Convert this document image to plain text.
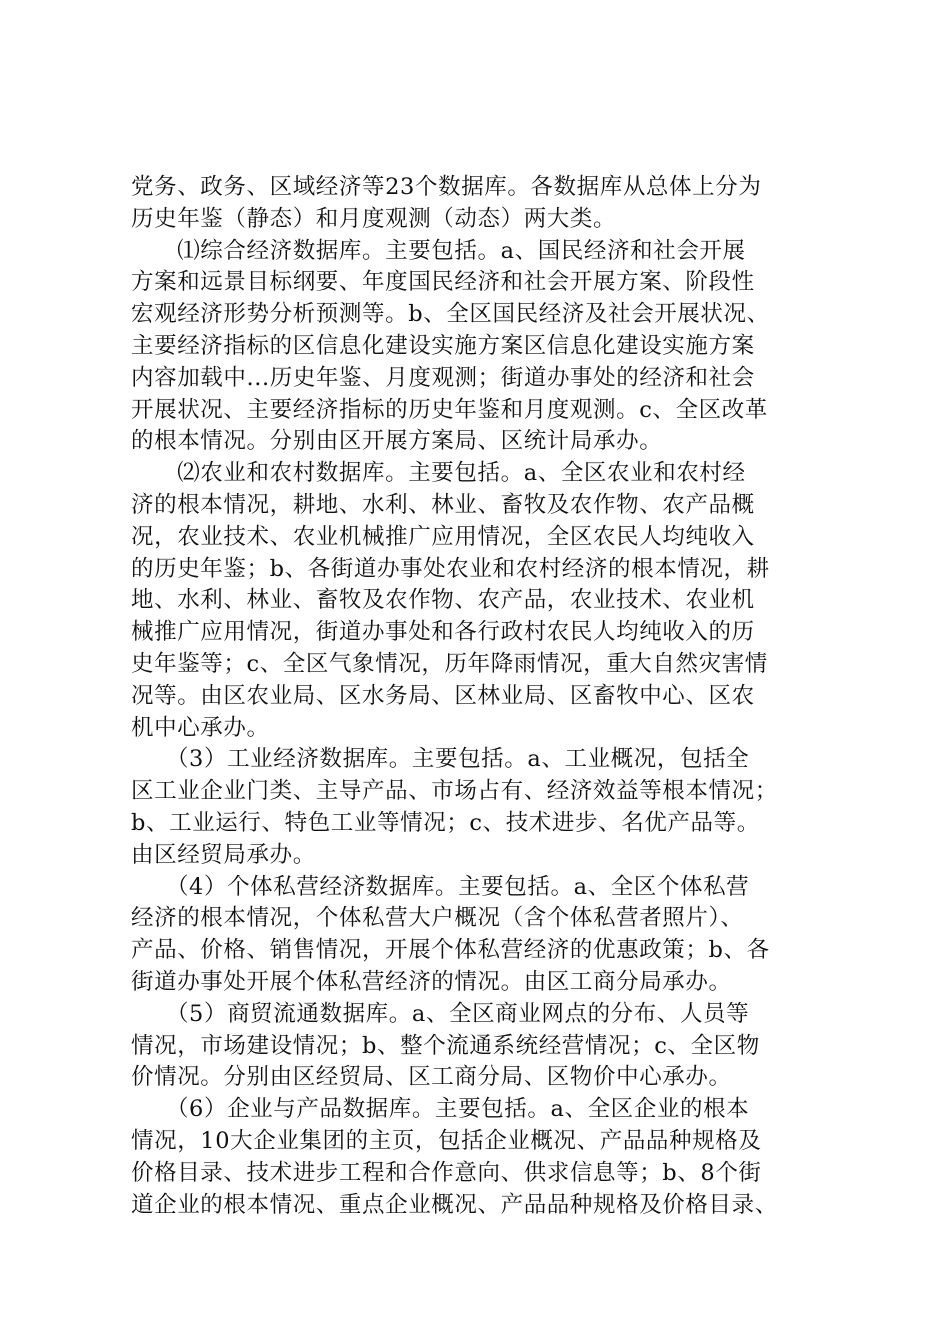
党务、政务、区域经济等23个数据库。各数据库从总体上分为
历史年鉴（静态）和月度观测（动态）两大类。
　　⑴综合经济数据库。主要包括。a、国民经济和社会开展
方案和远景目标纲要、年度国民经济和社会开展方案、阶段性
宏观经济形势分析预测等。b、全区国民经济及社会开展状况、
主要经济指标的区信息化建设实施方案区信息化建设实施方案
内容加载中...历史年鉴、月度观测；街道办事处的经济和社会
开展状况、主要经济指标的历史年鉴和月度观测。c、全区改革
的根本情况。分别由区开展方案局、区统计局承办。
　　⑵农业和农村数据库。主要包括。a、全区农业和农村经
济的根本情况，耕地、水利、林业、畜牧及农作物、农产品概
况，农业技术、农业机械推广应用情况，全区农民人均纯收入
的历史年鉴；b、各街道办事处农业和农村经济的根本情况，耕
地、水利、林业、畜牧及农作物、农产品，农业技术、农业机
械推广应用情况，街道办事处和各行政村农民人均纯收入的历
史年鉴等；c、全区气象情况，历年降雨情况，重大自然灾害情
况等。由区农业局、区水务局、区林业局、区畜牧中心、区农
机中心承办。
　　（3）工业经济数据库。主要包括。a、工业概况，包括全
区工业企业门类、主导产品、市场占有、经济效益等根本情况；
b、工业运行、特色工业等情况；c、技术进步、名优产品等。
由区经贸局承办。
　　（4）个体私营经济数据库。主要包括。a、全区个体私营
经济的根本情况，个体私营大户概况（含个体私营者照片）、
产品、价格、销售情况，开展个体私营经济的优惠政策；b、各
街道办事处开展个体私营经济的情况。由区工商分局承办。
　　（5）商贸流通数据库。a、全区商业网点的分布、人员等
情况，市场建设情况；b、整个流通系统经营情况；c、全区物
价情况。分别由区经贸局、区工商分局、区物价中心承办。
　　（6）企业与产品数据库。主要包括。a、全区企业的根本
情况，10大企业集团的主页，包括企业概况、产品品种规格及
价格目录、技术进步工程和合作意向、供求信息等；b、8个街
道企业的根本情况、重点企业概况、产品品种规格及价格目录、
